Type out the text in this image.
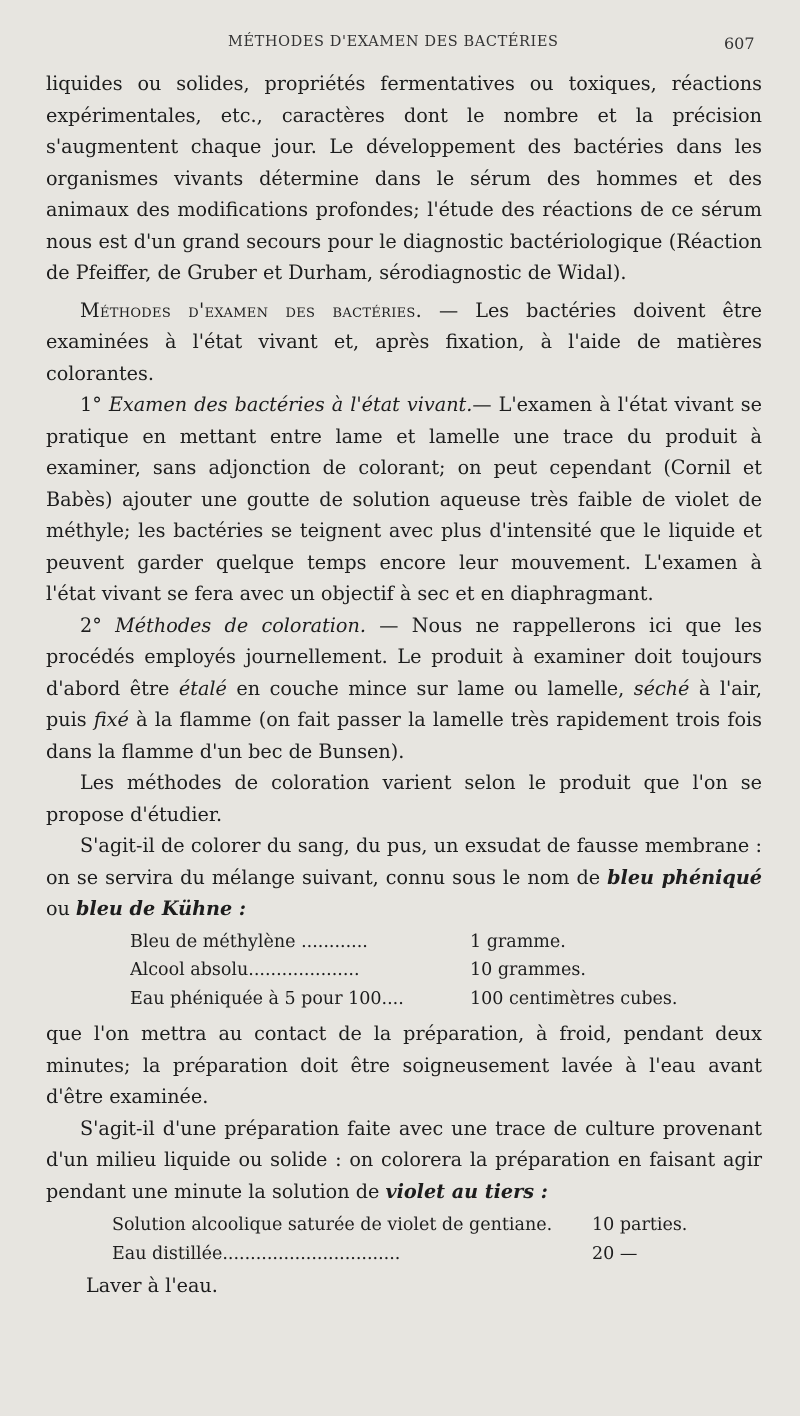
MÉTHODES D'EXAMEN DES BACTÉRIES	607

liquides ou solides, propriétés fermentatives ou toxiques, réactions expérimentales, etc., caractères dont le nombre et la précision s'augmentent chaque jour. Le développement des bactéries dans les organismes vivants détermine dans le sérum des hommes et des animaux des modifications profondes; l'étude des réactions de ce sérum nous est d'un grand secours pour le diagnostic bactériologique (Réaction de Pfeiffer, de Gruber et Durham, sérodiagnostic de Widal).

Méthodes d'examen des bactéries. — Les bactéries doivent être examinées à l'état vivant et, après fixation, à l'aide de matières colorantes.

1° Examen des bactéries à l'état vivant.— L'examen à l'état vivant se pratique en mettant entre lame et lamelle une trace du produit à examiner, sans adjonction de colorant; on peut cependant (Cornil et Babès) ajouter une goutte de solution aqueuse très faible de violet de méthyle; les bactéries se teignent avec plus d'intensité que le liquide et peuvent garder quelque temps encore leur mouvement. L'examen à l'état vivant se fera avec un objectif à sec et en diaphragmant.

2° Méthodes de coloration. — Nous ne rappellerons ici que les procédés employés journellement. Le produit à examiner doit toujours d'abord être étalé en couche mince sur lame ou lamelle, séché à l'air, puis fixé à la flamme (on fait passer la lamelle très rapidement trois fois dans la flamme d'un bec de Bunsen).

Les méthodes de coloration varient selon le produit que l'on se propose d'étudier.

S'agit-il de colorer du sang, du pus, un exsudat de fausse membrane : on se servira du mélange suivant, connu sous le nom de bleu phéniqué ou bleu de Kühne :

Bleu de méthylène ............	1 gramme.
Alcool absolu....................	10 grammes.
Eau phéniquée à 5 pour 100....	100 centimètres cubes.

que l'on mettra au contact de la préparation, à froid, pendant deux minutes; la préparation doit être soigneusement lavée à l'eau avant d'être examinée.

S'agit-il d'une préparation faite avec une trace de culture provenant d'un milieu liquide ou solide : on colorera la préparation en faisant agir pendant une minute la solution de violet au tiers :

Solution alcoolique saturée de violet de gentiane.	10 parties.
Eau distillée................................	20 —

Laver à l'eau.
